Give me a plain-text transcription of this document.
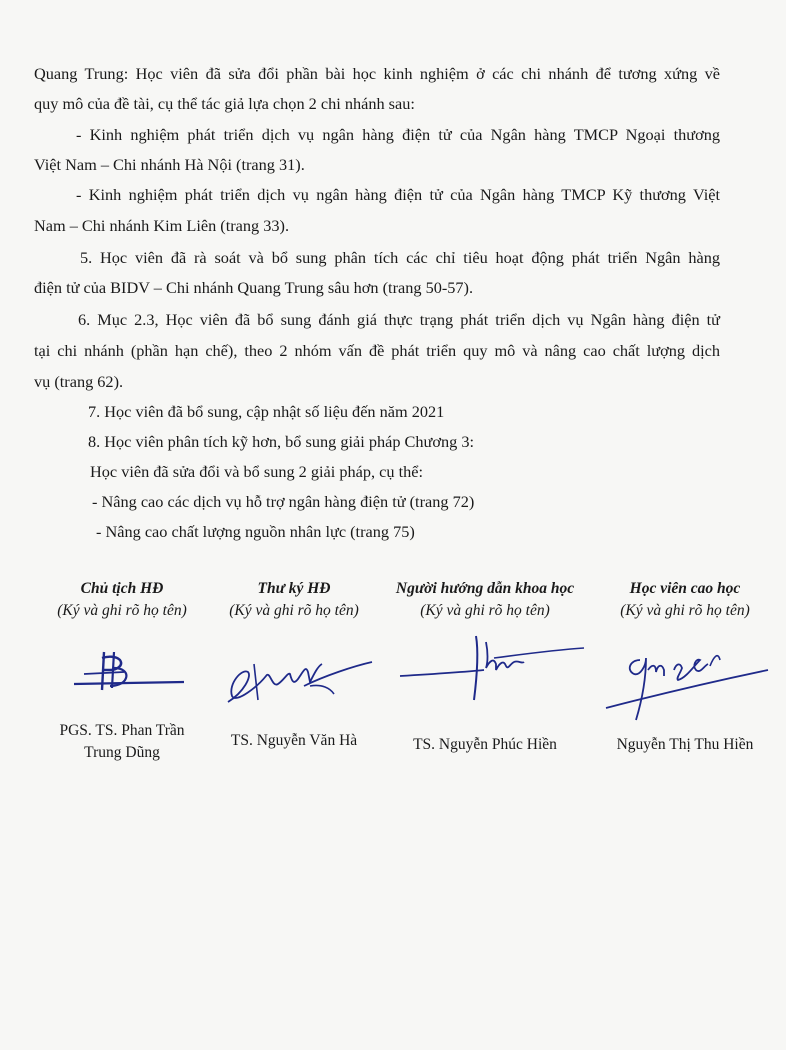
Quang Trung: Học viên đã sửa đổi phần bài học kinh nghiệm ở các chi nhánh để tương xứng về
quy mô của đề tài, cụ thể tác giả lựa chọn 2 chi nhánh sau:
- Kinh nghiệm phát triển dịch vụ ngân hàng điện tử của Ngân hàng TMCP Ngoại thương
Việt Nam – Chi nhánh Hà Nội (trang 31).
- Kinh nghiệm phát triển dịch vụ ngân hàng điện tử của Ngân hàng TMCP Kỹ thương Việt
Nam – Chi nhánh Kim Liên (trang 33).
5. Học viên đã rà soát và bổ sung phân tích các chỉ tiêu hoạt động phát triển Ngân hàng
điện tử của BIDV – Chi nhánh Quang Trung sâu hơn (trang 50-57).
6. Mục 2.3, Học viên đã bổ sung đánh giá thực trạng phát triển dịch vụ Ngân hàng điện tử
tại chi nhánh (phần hạn chế), theo 2 nhóm vấn đề phát triển quy mô và nâng cao chất lượng dịch
vụ (trang 62).
7. Học viên đã bổ sung, cập nhật số liệu đến năm 2021
8. Học viên phân tích kỹ hơn, bổ sung giải pháp Chương 3:
Học viên đã sửa đổi và bổ sung 2 giải pháp, cụ thể:
- Nâng cao các dịch vụ hỗ trợ ngân hàng điện tử (trang 72)
- Nâng cao chất lượng nguồn nhân lực (trang 75)
Chủ tịch HĐ
(Ký và ghi rõ họ tên)
PGS. TS. Phan Trần
Trung Dũng
Thư ký HĐ
(Ký và ghi rõ họ tên)
TS. Nguyễn Văn Hà
Người hướng dẫn khoa học
(Ký và ghi rõ họ tên)
TS. Nguyễn Phúc Hiền
Học viên cao học
(Ký và ghi rõ họ tên)
Nguyễn Thị Thu Hiền
